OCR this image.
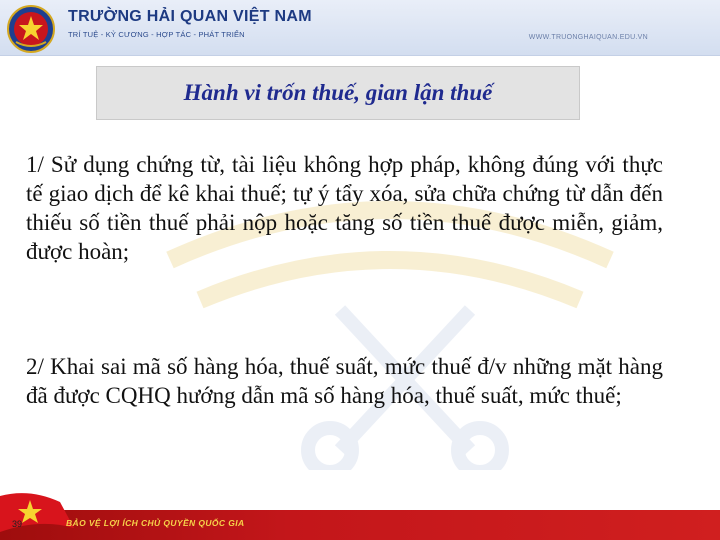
TRƯỜNG HẢI QUAN VIỆT NAM
TRÍ TUỆ - KỶ CƯƠNG - HỢP TÁC - PHÁT TRIỂN	WWW.TRUONGHAIQUAN.EDU.VN
Hành vi trốn thuế, gian lận thuế

1/ Sử dụng chứng từ, tài liệu không hợp pháp, không đúng với thực tế giao dịch để kê khai thuế; tự ý tẩy xóa, sửa chữa chứng từ dẫn đến thiếu số tiền thuế phải nộp hoặc tăng số tiền thuế được miễn, giảm, được hoàn;

2/ Khai sai mã số hàng hóa, thuế suất, mức thuế đ/v những mặt hàng đã được CQHQ hướng dẫn mã số hàng hóa, thuế suất, mức thuế;

BẢO VỆ LỢI ÍCH CHỦ QUYỀN QUỐC GIA
39
